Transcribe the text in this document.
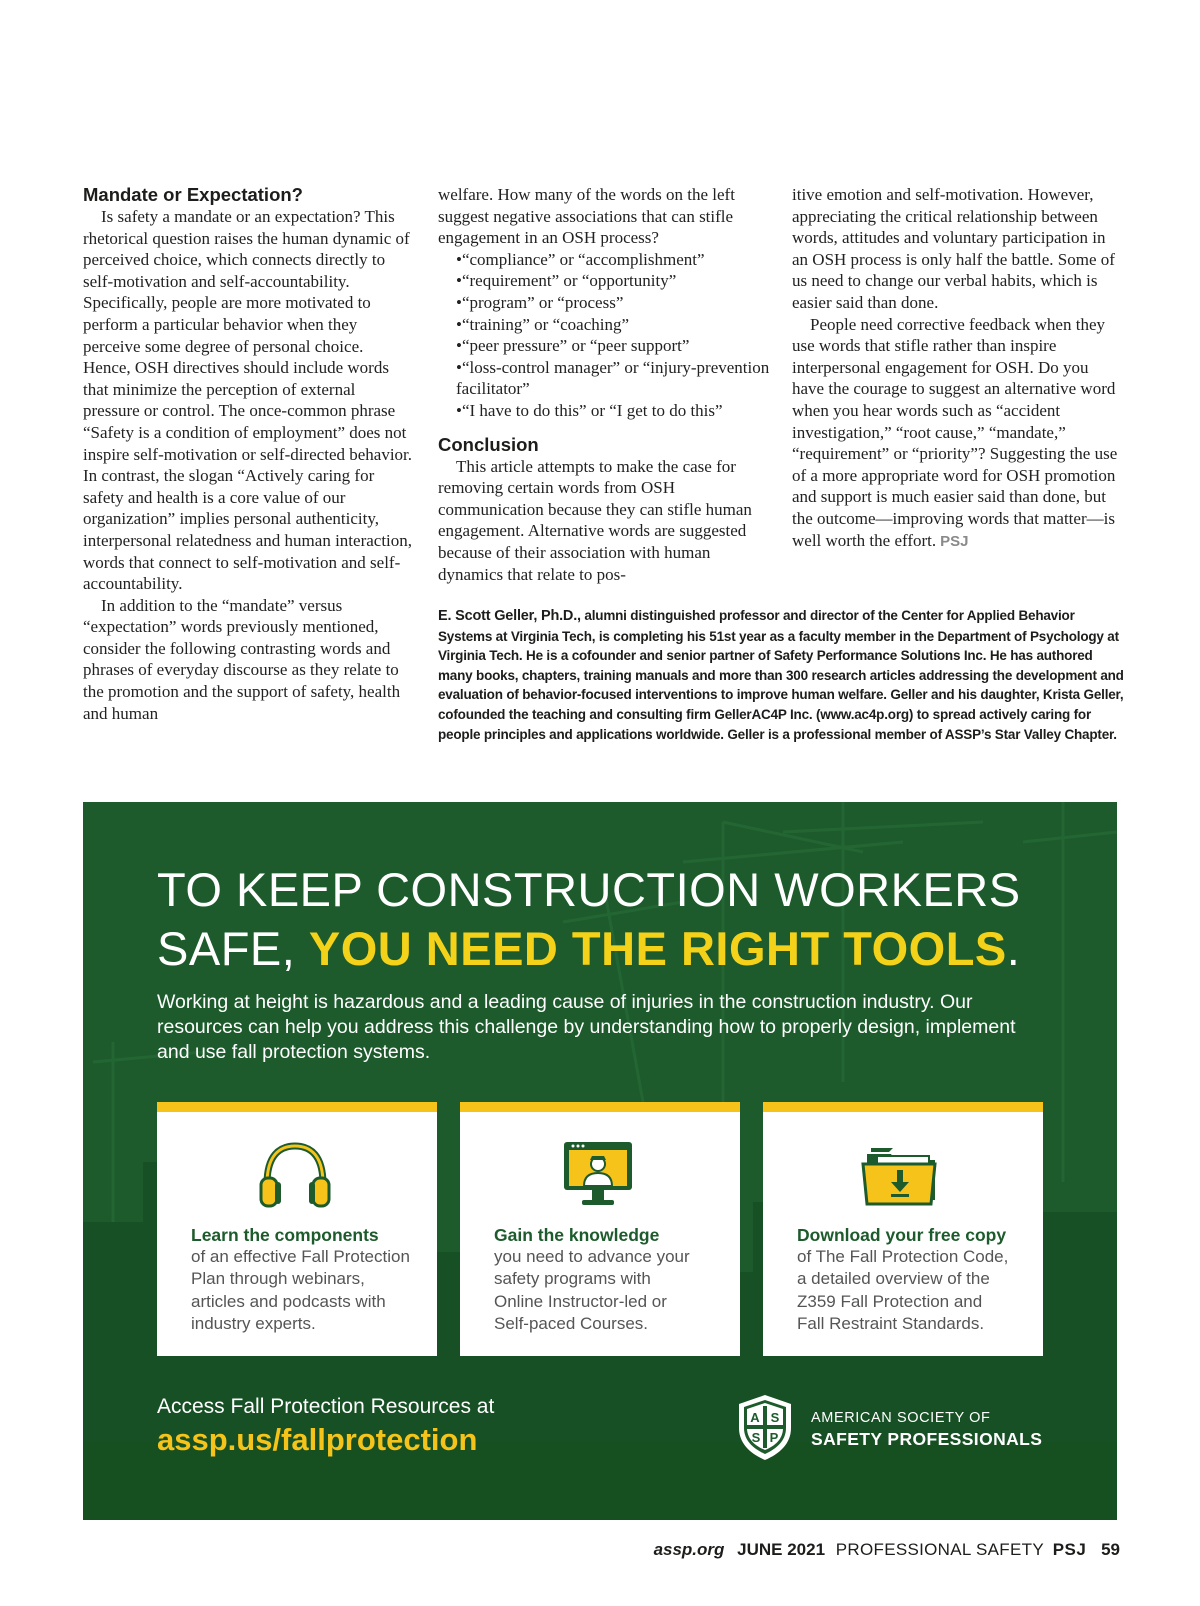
Mandate or Expectation?

Is safety a mandate or an expectation? This rhetorical question raises the human dynamic of perceived choice, which connects directly to self-motivation and self-accountability. Specifically, people are more motivated to perform a particular behavior when they perceive some degree of personal choice. Hence, OSH directives should include words that minimize the perception of external pressure or control. The once-common phrase “Safety is a condition of employment” does not inspire self-motivation or self-directed behavior. In contrast, the slogan “Actively caring for safety and health is a core value of our organization” implies personal authenticity, interpersonal relatedness and human interaction, words that connect to self-motivation and self-accountability.

In addition to the “mandate” versus “expectation” words previously mentioned, consider the following contrasting words and phrases of everyday discourse as they relate to the promotion and the support of safety, health and human

welfare. How many of the words on the left suggest negative associations that can stifle engagement in an OSH process?

•“compliance” or “accomplishment”
•“requirement” or “opportunity”
•“program” or “process”
•“training” or “coaching”
•“peer pressure” or “peer support”
•“loss-control manager” or “injury-prevention facilitator”
•“I have to do this” or “I get to do this”
Conclusion

This article attempts to make the case for removing certain words from OSH communication because they can stifle human engagement. Alternative words are suggested because of their association with human dynamics that relate to pos-

itive emotion and self-motivation. However, appreciating the critical relationship between words, attitudes and voluntary participation in an OSH process is only half the battle. Some of us need to change our verbal habits, which is easier said than done.

People need corrective feedback when they use words that stifle rather than inspire interpersonal engagement for OSH. Do you have the courage to suggest an alternative word when you hear words such as “accident investigation,” “root cause,” “mandate,” “requirement” or “priority”? Suggesting the use of a more appropriate word for OSH promotion and support is much easier said than done, but the outcome—improving words that matter—is well worth the effort. PSJ

E. Scott Geller, Ph.D., alumni distinguished professor and director of the Center for Applied Behavior Systems at Virginia Tech, is completing his 51st year as a faculty member in the Department of Psychology at Virginia Tech. He is a cofounder and senior partner of Safety Performance Solutions Inc. He has authored many books, chapters, training manuals and more than 300 research articles addressing the development and evaluation of behavior-focused interventions to improve human welfare. Geller and his daughter, Krista Geller, cofounded the teaching and consulting firm GellerAC4P Inc. (www.ac4p.org) to spread actively caring for people principles and applications worldwide. Geller is a professional member of ASSP’s Star Valley Chapter.
TO KEEP CONSTRUCTION WORKERS
SAFE, YOU NEED THE RIGHT TOOLS.

Working at height is hazardous and a leading cause of injuries in the construction industry. Our resources can help you address this challenge by understanding how to properly design, implement and use fall protection systems.

Learn the components
of an effective Fall Protection
Plan through webinars,
articles and podcasts with
industry experts.
Gain the knowledge
you need to advance your
safety programs with
Online Instructor-led or
Self-paced Courses.
Download your free copy
of The Fall Protection Code,
a detailed overview of the
Z359 Fall Protection and
Fall Restraint Standards.

Access Fall Protection Resources at

assp.us/fallprotection

A S
S P

AMERICAN SOCIETY OF

SAFETY PROFESSIONALS

assp.org JUNE 2021 PROFESSIONAL SAFETY PSJ 59
